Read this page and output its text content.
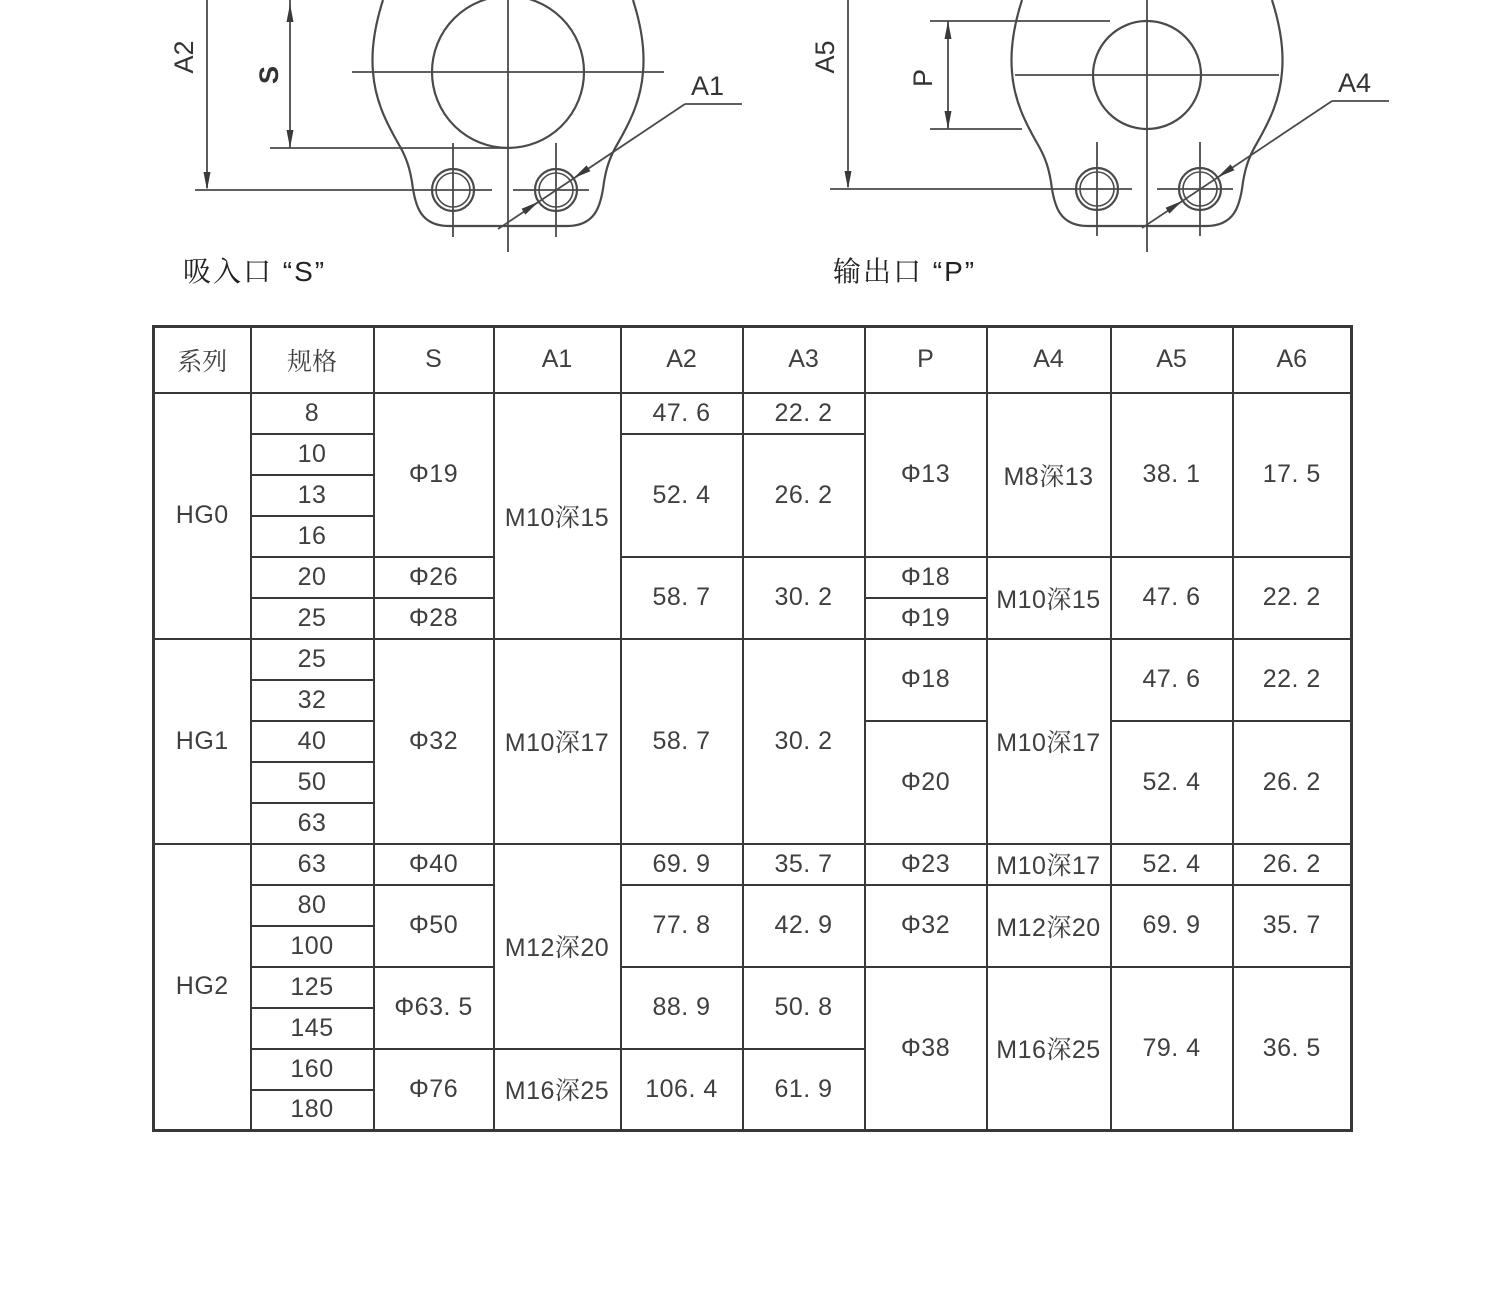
A2
S	A1
A5
P	A4
吸入口 “S”	输出口 “P”
系列	规格	S	A1	A2	A3	P	A4	A5	A6
HG0	8	Φ19	M10深15	47. 6	22. 2	Φ13	M8深13	38. 1	17. 5
	10			52. 4	26. 2				
	13								
	16								
	20	Φ26		58. 7	30. 2	Φ18	M10深15	47. 6	22. 2
	25	Φ28				Φ19			
HG1	25	Φ32	M10深17	58. 7	30. 2	Φ18	M10深17	47. 6	22. 2
	32								
	40					Φ20		52. 4	26. 2
	50								
	63								
HG2	63	Φ40	M12深20	69. 9	35. 7	Φ23	M10深17	52. 4	26. 2
	80	Φ50		77. 8	42. 9	Φ32	M12深20	69. 9	35. 7
	100								
	125	Φ63. 5		88. 9	50. 8	Φ38	M16深25	79. 4	36. 5
	145								
	160	Φ76	M16深25	106. 4	61. 9				
	180								
